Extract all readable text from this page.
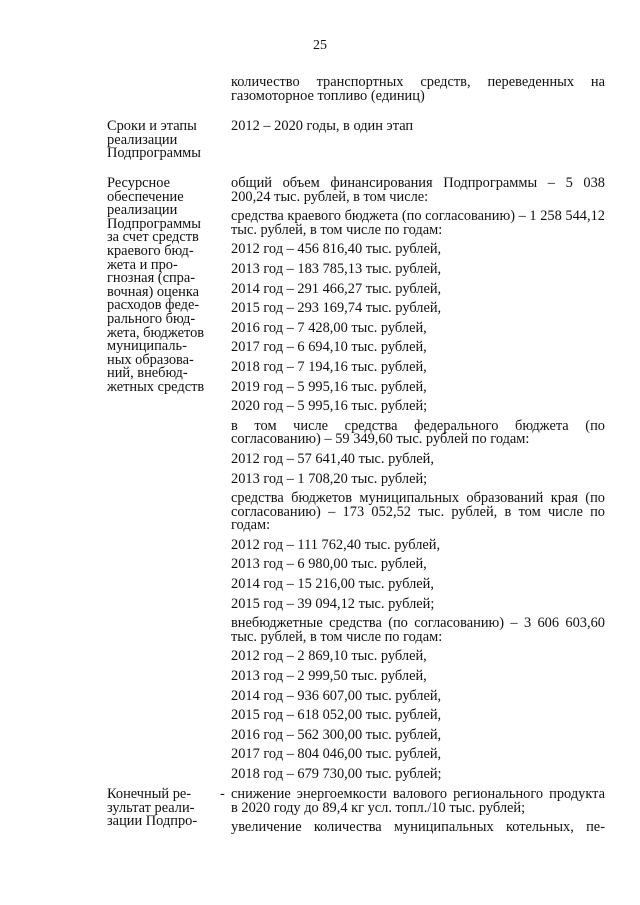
25

количество транспортных средств, переведенных на газомоторное топливо (единиц)

Сроки и этапы
реализации
Подпрограммы

2012 – 2020 годы, в один этап

Ресурсное
обеспечение
реализации
Подпрограммы
за счет средств
краевого бюд-
жета и про-
гнозная (спра-
вочная) оценка
расходов феде-
рального бюд-
жета, бюджетов
муниципаль-
ных образова-
ний, внебюд-
жетных средств

общий объем финансирования Подпрограммы – 5 038 200,24 тыс. рублей, в том числе:

средства краевого бюджета (по согласованию) – 1 258 544,12 тыс. рублей, в том числе по годам:

2012 год – 456 816,40 тыс. рублей,

2013 год – 183 785,13 тыс. рублей,

2014 год – 291 466,27 тыс. рублей,

2015 год – 293 169,74 тыс. рублей,

2016 год – 7 428,00 тыс. рублей,

2017 год – 6 694,10 тыс. рублей,

2018 год – 7 194,16 тыс. рублей,

2019 год – 5 995,16 тыс. рублей,

2020 год – 5 995,16 тыс. рублей;

в том числе средства федерального бюджета (по согласованию) – 59 349,60 тыс. рублей по годам:

2012 год – 57 641,40 тыс. рублей,

2013 год – 1 708,20 тыс. рублей;

средства бюджетов муниципальных образований края (по согласованию) – 173 052,52 тыс. рублей, в том числе по годам:

2012 год – 111 762,40 тыс. рублей,

2013 год – 6 980,00 тыс. рублей,

2014 год – 15 216,00 тыс. рублей,

2015 год – 39 094,12 тыс. рублей;

внебюджетные средства (по согласованию) – 3 606 603,60 тыс. рублей, в том числе по годам:

2012 год – 2 869,10 тыс. рублей,

2013 год – 2 999,50 тыс. рублей,

2014 год – 936 607,00 тыс. рублей,

2015 год – 618 052,00 тыс. рублей,

2016 год – 562 300,00 тыс. рублей,

2017 год – 804 046,00 тыс. рублей,

2018 год – 679 730,00 тыс. рублей;

Конечный ре-
зультат реали-
зации Подпро-
- снижение энергоемкости валового регионального продукта в 2020 году до 89,4 кг усл. топл./10 тыс. рублей;

увеличение количества муниципальных котельных, пе-
